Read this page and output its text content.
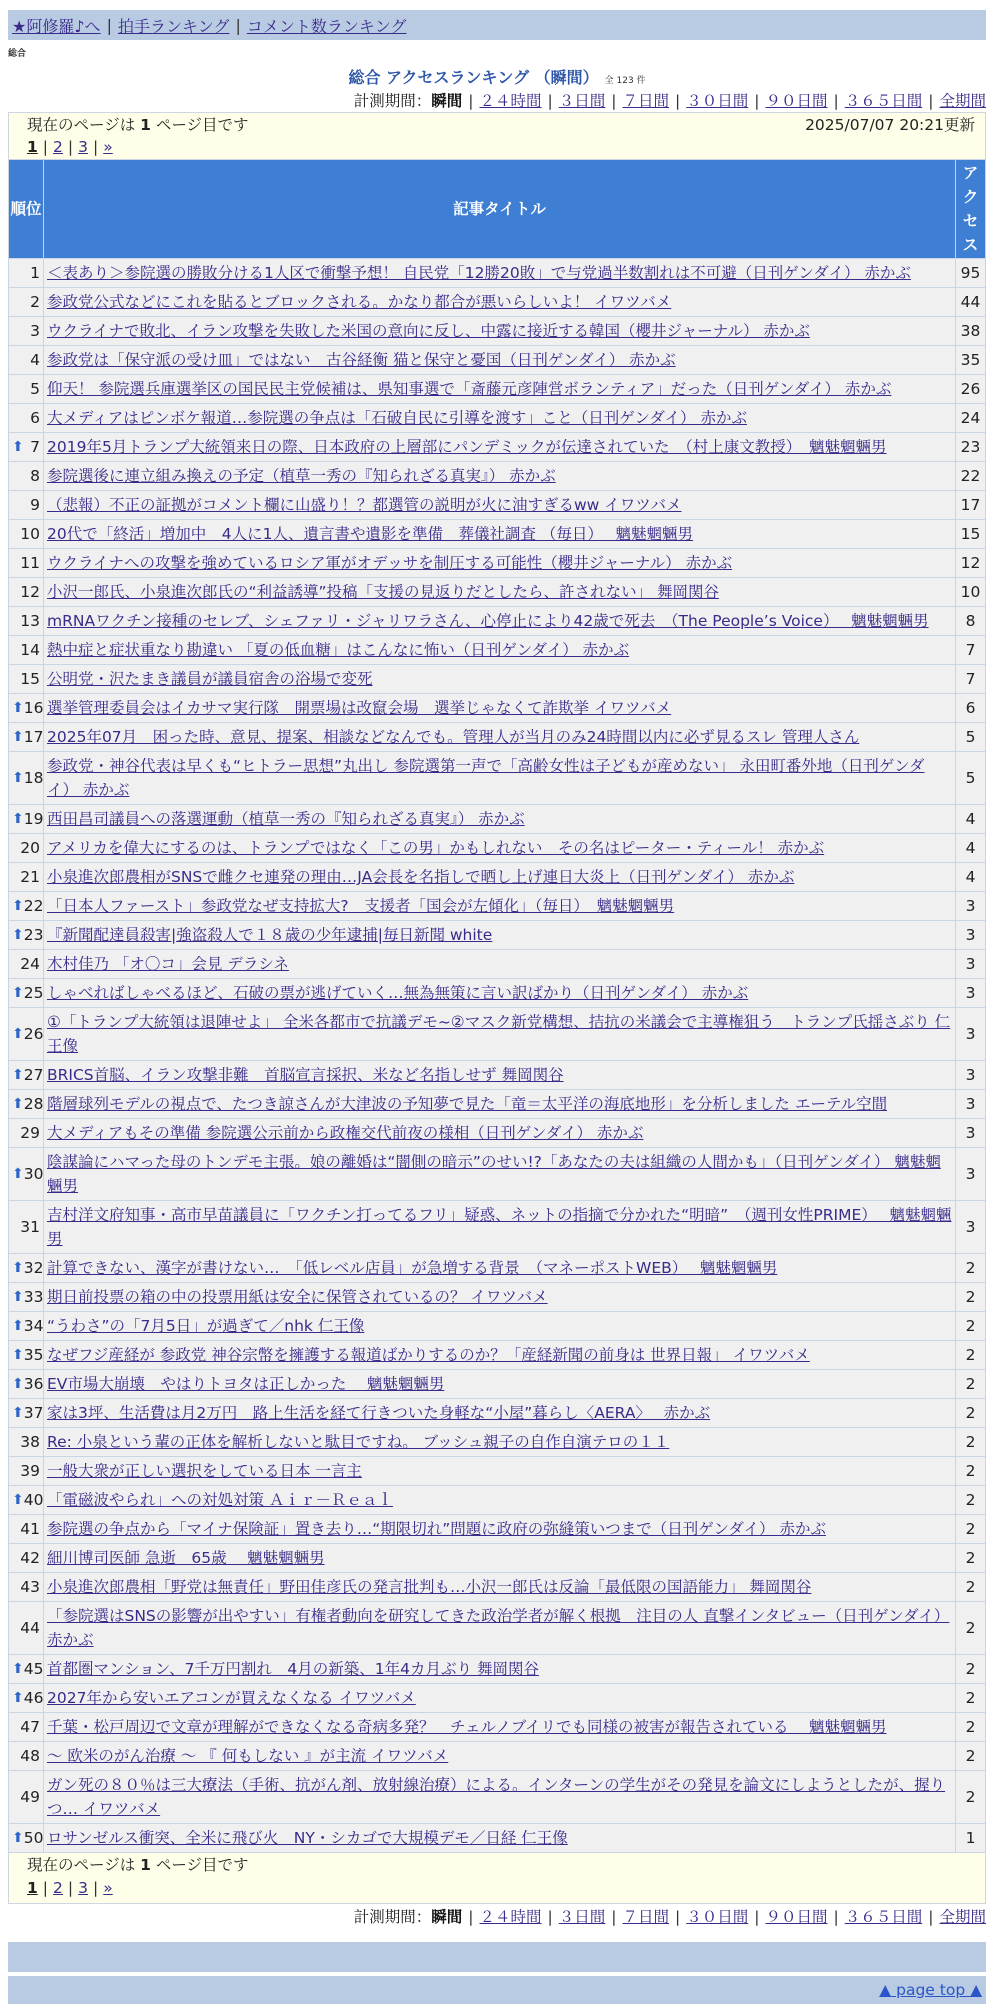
★阿修羅♪へ | 拍手ランキング | コメント数ランキング
総合
総合 アクセスランキング （瞬間） 全 123 件
計測期間：瞬間 | ２４時間 | ３日間 | ７日間 | ３０日間 | ９０日間 | ３６５日間 | 全期間
現在のページは 1 ページ目です	2025/07/07 20:21更新
1 | 2 | 3 | »
順位	記事タイトル	アクセス
1	＜表あり＞参院選の勝敗分ける1人区で衝撃予想！ 自民党「12勝20敗」で与党過半数割れは不可避（日刊ゲンダイ） 赤かぶ	95
2	参政党公式などにこれを貼るとブロックされる。かなり都合が悪いらしいよ！ イワツバメ	44
3	ウクライナで敗北、イラン攻撃を失敗した米国の意向に反し、中露に接近する韓国（櫻井ジャーナル） 赤かぶ	38
4	参政党は「保守派の受け皿」ではない　古谷経衡 猫と保守と憂国（日刊ゲンダイ） 赤かぶ	35
5	仰天！ 参院選兵庫選挙区の国民民主党候補は、県知事選で「斎藤元彦陣営ボランティア」だった（日刊ゲンダイ） 赤かぶ	26
6	大メディアはピンボケ報道…参院選の争点は「石破自民に引導を渡す」こと（日刊ゲンダイ） 赤かぶ	24

⬆ 7	2019年5月トランプ大統領来日の際、日本政府の上層部にパンデミックが伝達されていた　（村上康文教授）　魑魅魍魎男	23
8	参院選後に連立組み換えの予定（植草一秀の『知られざる真実』） 赤かぶ	22
9	（悲報）不正の証拠がコメント欄に山盛り！？都選管の説明が火に油すぎるww イワツバメ	17
10	20代で「終活」増加中　4人に1人、遺言書や遺影を準備　葬儀社調査 （毎日）　 魑魅魍魎男	15
11	ウクライナへの攻撃を強めているロシア軍がオデッサを制圧する可能性（櫻井ジャーナル） 赤かぶ	12
12	小沢一郎氏、小泉進次郎氏の“利益誘導”投稿「支援の見返りだとしたら、許されない」 舞岡関谷	10
13	mRNAワクチン接種のセレブ、シェファリ・ジャリワラさん、心停止により42歳で死去　（The People’s Voice）　 魑魅魍魎男	8
14	熱中症と症状重なり勘違い 「夏の低血糖」はこんなに怖い（日刊ゲンダイ） 赤かぶ	7
15	公明党・沢たまき議員が議員宿舎の浴場で変死	7

⬆ 16	選挙管理委員会はイカサマ実行隊　開票場は改竄会場　選挙じゃなくて詐欺挙 イワツバメ	6

⬆ 17	2025年07月　困った時、意見、提案、相談などなんでも。管理人が当月のみ24時間以内に必ず見るスレ 管理人さん	5

⬆ 18	参政党・神谷代表は早くも“ヒトラー思想”丸出し 参院選第一声で「高齢女性は子どもが産めない」 永田町番外地（日刊ゲンダイ） 赤かぶ	5

⬆ 19	西田昌司議員への落選運動（植草一秀の『知られざる真実』） 赤かぶ	4
20	アメリカを偉大にするのは、トランプではなく「この男」かもしれない　その名はピーター・ティール！ 赤かぶ	4
21	小泉進次郎農相がSNSで雌クセ連発の理由…JA会長を名指しで晒し上げ連日大炎上（日刊ゲンダイ） 赤かぶ	4

⬆ 22	「日本人ファースト」参政党なぜ支持拡大?　支援者「国会が左傾化」（毎日）　魑魅魍魎男	3

⬆ 23	『新聞配達員殺害|強盗殺人で１８歳の少年逮捕|毎日新聞 white	3
24	木村佳乃 「オ〇コ」会見 デラシネ	3

⬆ 25	しゃべればしゃべるほど、石破の票が逃げていく…無為無策に言い訳ばかり（日刊ゲンダイ） 赤かぶ	3

⬆ 26	①「トランプ大統領は退陣せよ」 全米各都市で抗議デモ~②マスク新党構想、拮抗の米議会で主導権狙う　トランプ氏揺さぶり 仁王像	3

⬆ 27	BRICS首脳、イラン攻撃非難　首脳宣言採択、米など名指しせず 舞岡関谷	3

⬆ 28	階層球列モデルの視点で、たつき諒さんが大津波の予知夢で見た「竜＝太平洋の海底地形」を分析しました エーテル空間	3
29	大メディアもその準備 参院選公示前から政権交代前夜の様相（日刊ゲンダイ） 赤かぶ	3

⬆ 30	陰謀論にハマった母のトンデモ主張。娘の離婚は“闇側の暗示”のせい!?「あなたの夫は組織の人間かも」（日刊ゲンダイ） 魑魅魍魎男	3
31	吉村洋文府知事・高市早苗議員に「ワクチン打ってるフリ」疑惑、ネットの指摘で分かれた“明暗”　（週刊女性PRIME）　 魑魅魍魎男	3

⬆ 32	計算できない、漢字が書けない…　「低レベル店員」が急増する背景　（マネーポストWEB）　 魑魅魍魎男	2

⬆ 33	期日前投票の箱の中の投票用紙は安全に保管されているの？ イワツバメ	2

⬆ 34	“うわさ”の「7月5日」が過ぎて／nhk 仁王像	2

⬆ 35	なぜフジ産経が 参政党 神谷宗幣を擁護する報道ばかりするのか？「産経新聞の前身は 世界日報」 イワツバメ	2

⬆ 36	EV市場大崩壊　やはりトヨタは正しかった　 魑魅魍魎男	2

⬆ 37	家は3坪、生活費は月2万円　路上生活を経て行きついた身軽な“小屋”暮らし〈AERA〉　 赤かぶ	2
38	Re: 小泉という輩の正体を解析しないと駄目ですね。 ブッシュ親子の自作自演テロの１１	2
39	一般大衆が正しい選択をしている日本 一言主	2

⬆ 40	「電磁波やられ」への対処対策 Ａｉｒ－Ｒｅａｌ	2
41	参院選の争点から「マイナ保険証」置き去り…“期限切れ”問題に政府の弥縫策いつまで（日刊ゲンダイ） 赤かぶ	2
42	細川博司医師 急逝　65歳　 魑魅魍魎男	2
43	小泉進次郎農相「野党は無責任」野田佳彦氏の発言批判も…小沢一郎氏は反論「最低限の国語能力」 舞岡関谷	2
44	「参院選はSNSの影響が出やすい」有権者動向を研究してきた政治学者が解く根拠　注目の人 直撃インタビュー（日刊ゲンダイ） 赤かぶ	2

⬆ 45	首都圏マンション、7千万円割れ　4月の新築、1年4カ月ぶり 舞岡関谷	2

⬆ 46	2027年から安いエアコンが買えなくなる イワツバメ	2
47	千葉・松戸周辺で文章が理解ができなくなる奇病多発？　チェルノブイリでも同様の被害が報告されている　 魑魅魍魎男	2
48	～ 欧米のがん治療 ～ 『 何もしない 』が主流 イワツバメ	2
49	ガン死の８０％は三大療法（手術、抗がん剤、放射線治療）による。インターンの学生がその発見を論文にしようとしたが、握りつ… イワツバメ	2

⬆ 50	ロサンゼルス衝突、全米に飛び火　NY・シカゴで大規模デモ／日経 仁王像	1
現在のページは 1 ページ目です
1 | 2 | 3 | »
計測期間：瞬間 | ２４時間 | ３日間 | ７日間 | ３０日間 | ９０日間 | ３６５日間 | 全期間
▲ page top ▲
